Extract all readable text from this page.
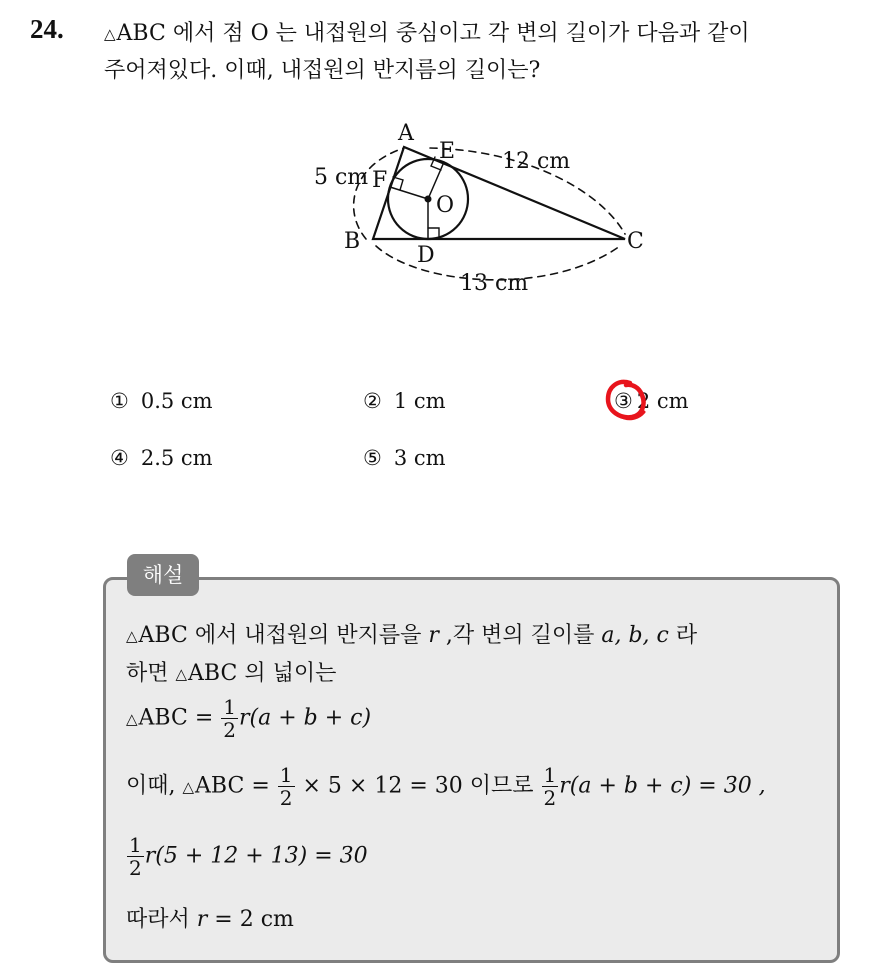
24.	△ABC 에서 점 O 는 내접원의 중심이고 각 변의 길이가 다음과 같이
주어져있다. 이때, 내접원의 반지름의 길이는?
A
E
F
O
B
D
C
5 cm
12 cm
13 cm
① 0.5 cm	② 1 cm	③ 2 cm
④ 2.5 cm	⑤ 3 cm
해설
△ABC 에서 내접원의 반지름을 r ,각 변의 길이를 a, b, c 라
하면 △ABC 의 넓이는
△ABC = $\frac{1}{2} r(a + b + c)$
이때, △ABC = $\frac{1}{2} \times 5 \times 12 = 30$ 이므로 $\frac{1}{2} r(a + b + c) = 30$ ,
$\frac{1}{2} r(5 + 12 + 13) = 30$
따라서 r = 2 cm
